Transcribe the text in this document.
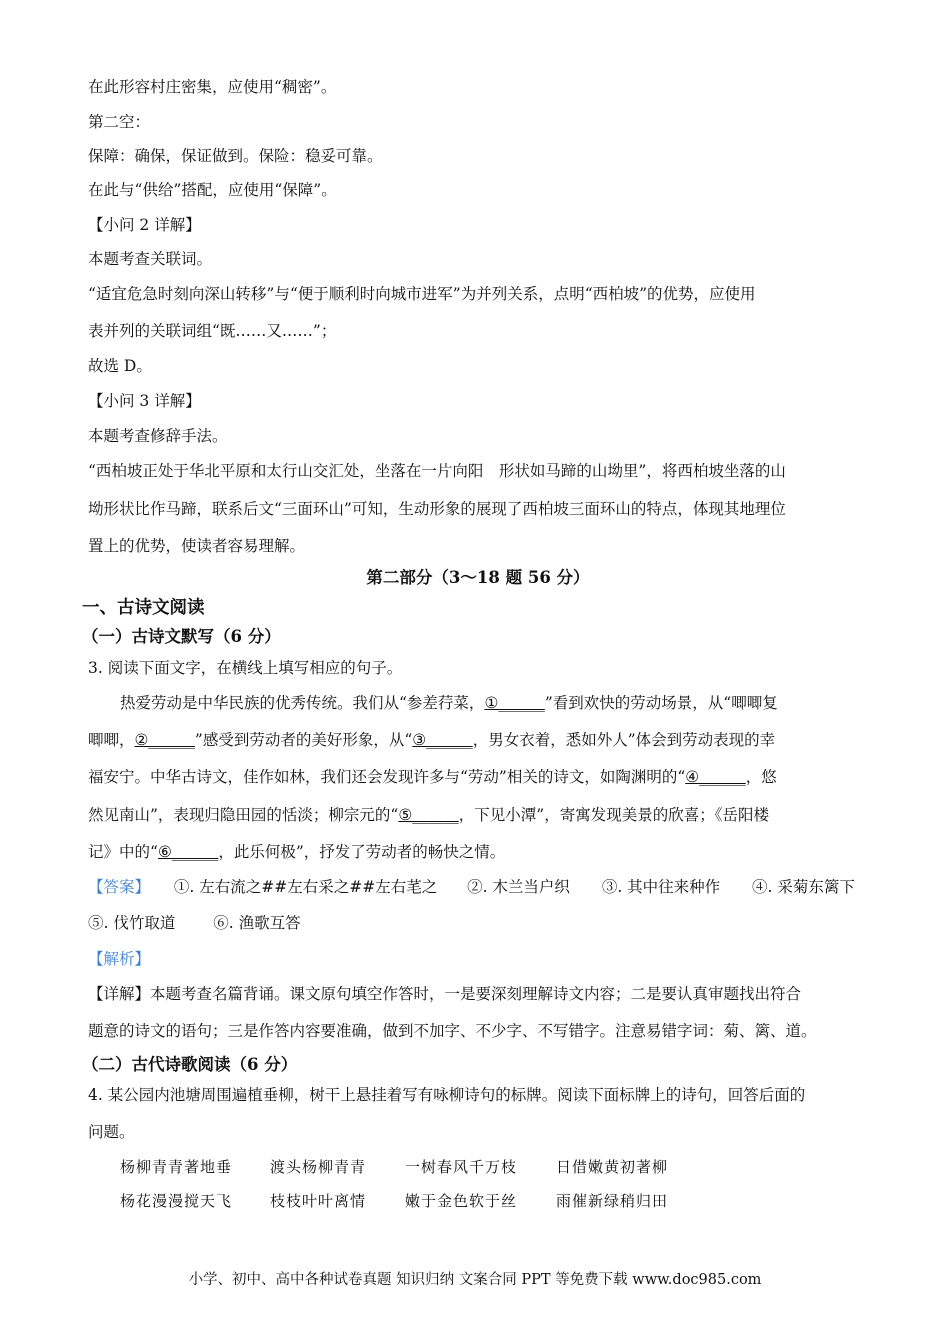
在此形容村庄密集，应使用“稠密”。
第二空：
保障：确保，保证做到。保险：稳妥可靠。
在此与“供给”搭配，应使用“保障”。
【小问 2 详解】
本题考查关联词。
“适宜危急时刻向深山转移”与“便于顺利时向城市进军”为并列关系，点明“西柏坡”的优势，应使用
表并列的关联词组“既……又……”；
故选 D。
【小问 3 详解】
本题考查修辞手法。
“西柏坡正处于华北平原和太行山交汇处，坐落在一片向阳　形状如马蹄的山坳里”，将西柏坡坐落的山
坳形状比作马蹄，联系后文“三面环山”可知，生动形象的展现了西柏坡三面环山的特点，体现其地理位
置上的优势，使读者容易理解。
第二部分（3～18 题 56 分）
一、古诗文阅读
（一）古诗文默写（6 分）
3. 阅读下面文字，在横线上填写相应的句子。
热爱劳动是中华民族的优秀传统。我们从“参差荇菜，①______”看到欢快的劳动场景，从“唧唧复
唧唧，②______”感受到劳动者的美好形象，从“③______，男女衣着，悉如外人”体会到劳动表现的幸
福安宁。中华古诗文，佳作如林，我们还会发现许多与“劳动”相关的诗文，如陶渊明的“④______，悠
然见南山”，表现归隐田园的恬淡；柳宗元的“⑤______，下见小潭”，寄寓发现美景的欣喜；《岳阳楼
记》中的“⑥______，此乐何极”，抒发了劳动者的畅快之情。
【答案】 ①. 左右流之##左右采之##左右芼之 ②. 木兰当户织 ③. 其中往来种作 ④. 采菊东篱下
⑤. 伐竹取道 ⑥. 渔歌互答
【解析】
【详解】本题考查名篇背诵。课文原句填空作答时，一是要深刻理解诗文内容；二是要认真审题找出符合
题意的诗文的语句；三是作答内容要准确，做到不加字、不少字、不写错字。注意易错字词：菊、篱、道。
（二）古代诗歌阅读（6 分）
4. 某公园内池塘周围遍植垂柳，树干上悬挂着写有咏柳诗句的标牌。阅读下面标牌上的诗句，回答后面的
问题。
杨柳青青著地垂	渡头杨柳青青	一树春风千万枝	日借嫩黄初著柳
杨花漫漫搅天飞	枝枝叶叶离情	嫩于金色软于丝	雨催新绿稍归田
小学、初中、高中各种试卷真题 知识归纳 文案合同 PPT 等免费下载 www.doc985.com
